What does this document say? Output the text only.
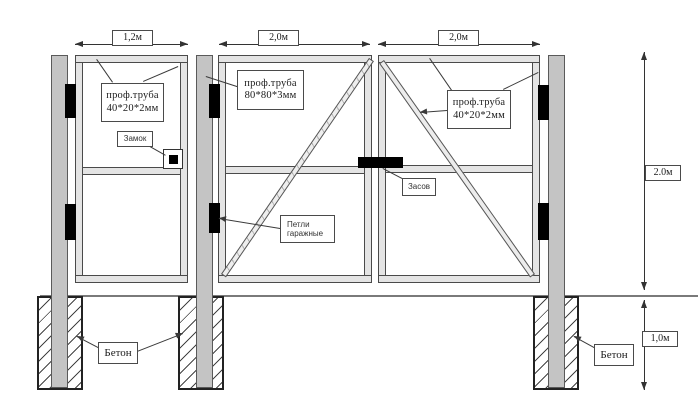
1,2м	2,0м	2,0м
2.0м
1,0м
проф.труба
40*20*2мм
проф.труба
80*80*3мм
проф.труба
40*20*2мм
Замок
Петли
гаражные
Засов
Бетон	Бетон
